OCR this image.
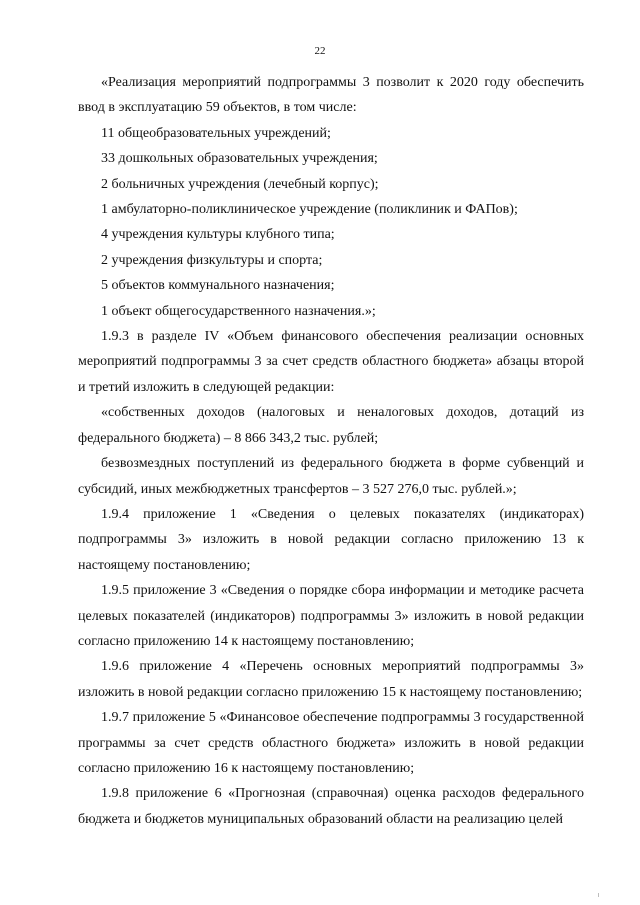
22

«Реализация мероприятий подпрограммы 3 позволит к 2020 году обеспечить ввод в эксплуатацию 59 объектов, в том числе:

11 общеобразовательных учреждений;

33 дошкольных образовательных учреждения;

2 больничных учреждения (лечебный корпус);

1 амбулаторно-поликлиническое учреждение (поликлиник и ФАПов);

4 учреждения культуры клубного типа;

2 учреждения физкультуры и спорта;

5 объектов коммунального назначения;

1 объект общегосударственного назначения.»;

1.9.3 в разделе IV «Объем финансового обеспечения реализации основных мероприятий подпрограммы 3 за счет средств областного бюджета» абзацы второй и третий изложить в следующей редакции:

«собственных доходов (налоговых и неналоговых доходов, дотаций из федерального бюджета) – 8 866 343,2 тыс. рублей;

безвозмездных поступлений из федерального бюджета в форме субвенций и субсидий, иных межбюджетных трансфертов – 3 527 276,0 тыс. рублей.»;

1.9.4 приложение 1 «Сведения о целевых показателях (индикаторах) подпрограммы 3» изложить в новой редакции согласно приложению 13 к настоящему постановлению;

1.9.5 приложение 3 «Сведения о порядке сбора информации и методике расчета целевых показателей (индикаторов) подпрограммы 3» изложить в новой редакции согласно приложению 14 к настоящему постановлению;

1.9.6 приложение 4 «Перечень основных мероприятий подпрограммы 3» изложить в новой редакции согласно приложению 15 к настоящему постановлению;

1.9.7 приложение 5 «Финансовое обеспечение подпрограммы 3 государственной программы за счет средств областного бюджета» изложить в новой редакции согласно приложению 16 к настоящему постановлению;

1.9.8 приложение 6 «Прогнозная (справочная) оценка расходов федерального бюджета и бюджетов муниципальных образований области на реализацию целей
